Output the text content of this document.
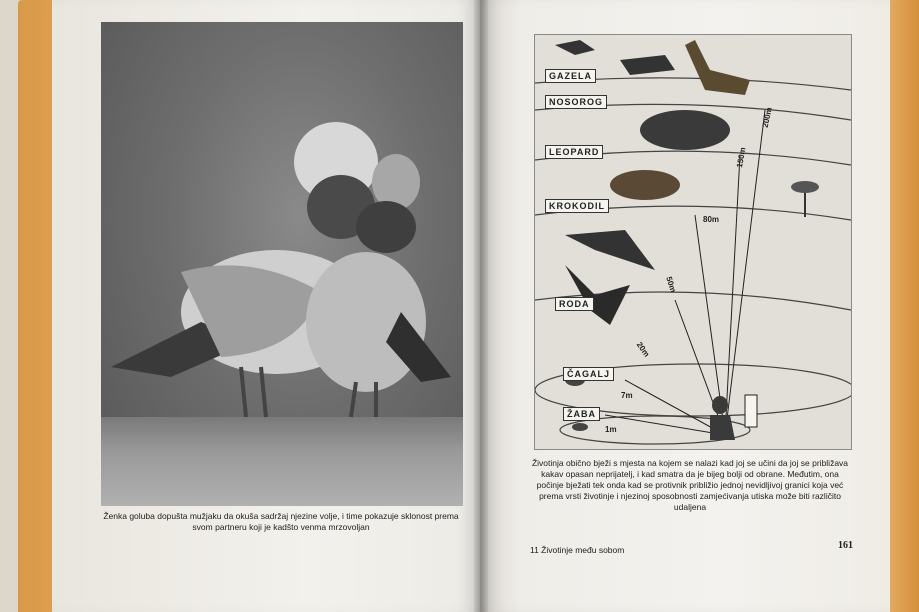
Ženka goluba dopušta mužjaku da okuša sadržaj njezine volje, i time pokazuje sklonost prema svom partneru koji je kadšto venma mrzovoljan
GAZELA
NOSOROG
LEOPARD
KROKODIL
RODA
ČAGALJ
ŽABA
200m
150m
80m
50m
20m
7m
1m
Životinja obično bježi s mjesta na kojem se nalazi kad joj se učini da joj se približava kakav opasan neprijatelj, i kad smatra da je bijeg bolji od obrane. Međutim, ona počinje bježati tek onda kad se protivnik približio jednoj nevidljivoj granici koja već prema vrsti životinje i njezinoj sposobnosti zamjećivanja utiska može biti različito udaljena
11 Životinje među sobom	161
